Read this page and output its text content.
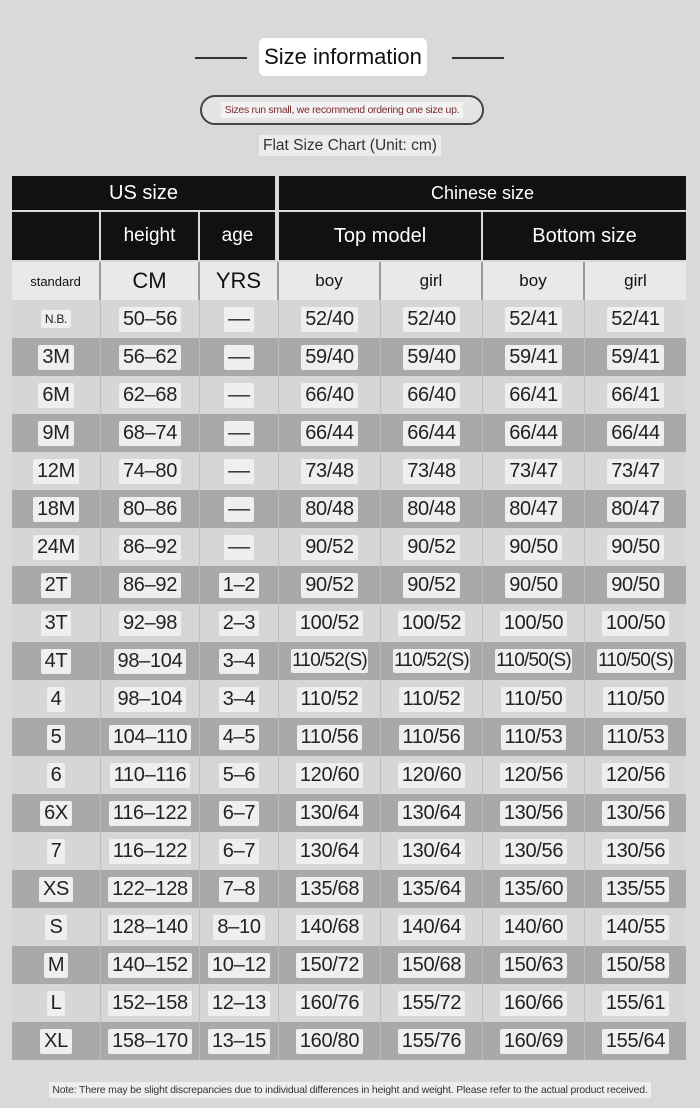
Size information
Sizes run small, we recommend ordering one size up.
Flat Size Chart (Unit: cm)
US size	Chinese size
height	age	Top model	Bottom size
standard	CM	YRS	boy	girl	boy	girl
N.B.	50–56	––	52/40	52/40	52/41	52/41
3M	56–62	––	59/40	59/40	59/41	59/41
6M	62–68	––	66/40	66/40	66/41	66/41
9M	68–74	––	66/44	66/44	66/44	66/44
12M 74–80	––	73/48	73/48	73/47	73/47
18M 80–86	––	80/48	80/48	80/47	80/47
24M 86–92	––	90/52	90/52	90/50	90/50
2T	86–92 1–2 90/52	90/52	90/50	90/50
3T	92–98 2–3 100/52 100/52 100/50 100/50
4T	98–104 3–4 110/52(S) 110/52(S) 110/50(S) 110/50(S)
4	98–104 3–4 110/52 110/52 110/50 110/50
5	104–110 4–5 110/56 110/56 110/53 110/53
6	110–116 5–6 120/60 120/60 120/56 120/56
6X 116–122 6–7 130/64 130/64 130/56 130/56
7	116–122 6–7 130/64 130/64 130/56 130/56
XS 122–128 7–8 135/68 135/64 135/60 135/55
S 128–140 8–10 140/68 140/64 140/60 140/55
M 140–152 10–12 150/72 150/68 150/63 150/58
L	152–158 12–13 160/76 155/72 160/66 155/61
XL 158–170 13–15 160/80 155/76 160/69 155/64
Note: There may be slight discrepancies due to individual differences in height and weight. Please refer to the actual product received.
